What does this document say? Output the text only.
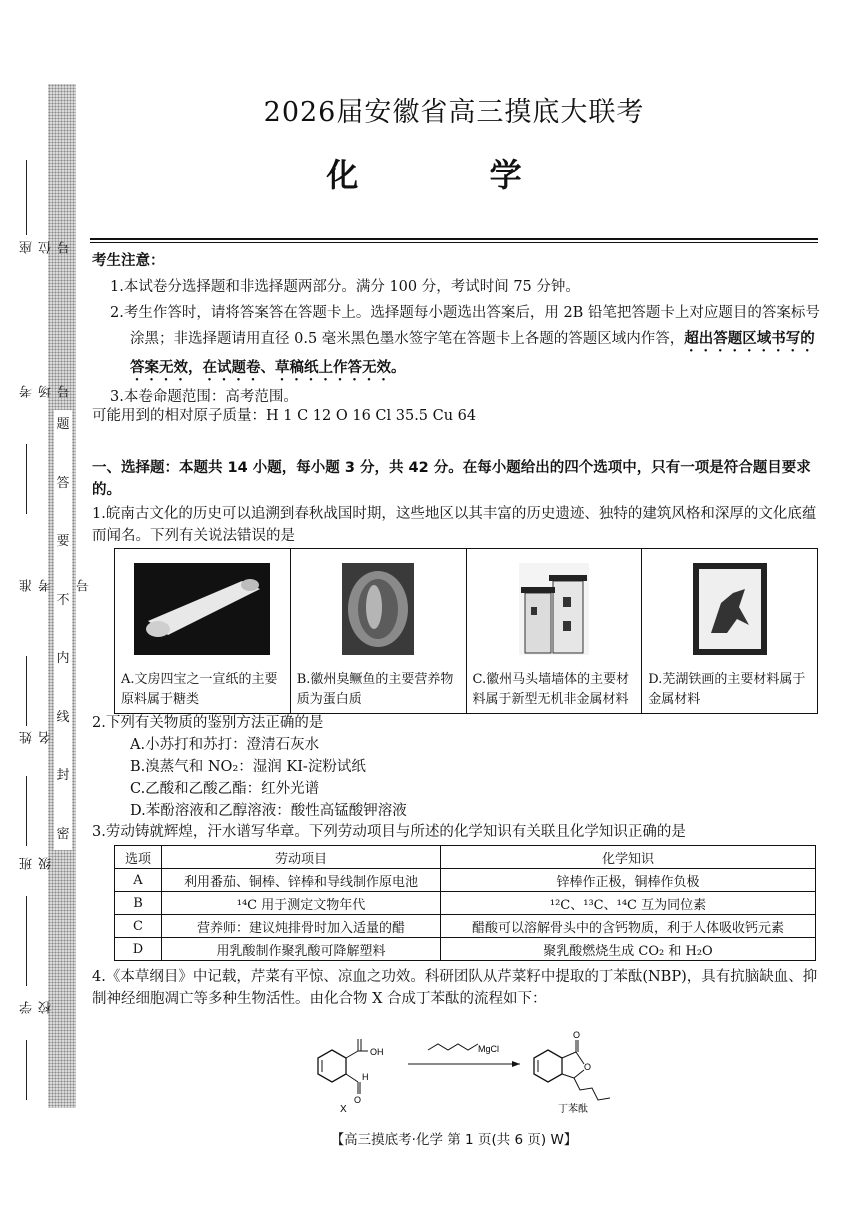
座位号
考场号
准考 号
姓名
班级
学校
题
答
要
不
内
线
封
密
2026届安徽省高三摸底大联考
化 学
考生注意：
1.本试卷分选择题和非选择题两部分。满分 100 分，考试时间 75 分钟。
2.考生作答时，请将答案答在答题卡上。选择题每小题选出答案后，用 2B 铅笔把答题卡上对应题目的答案标号涂黑；非选择题请用直径 0.5 毫米黑色墨水签字笔在答题卡上各题的答题区域内作答，超出答题区域书写的答案无效，在试题卷、草稿纸上作答无效。
3.本卷命题范围：高考范围。
可能用到的相对原子质量：H 1 C 12 O 16 Cl 35.5 Cu 64
一、选择题：本题共 14 小题，每小题 3 分，共 42 分。在每小题给出的四个选项中，只有一项是符合题目要求的。
1.皖南古文化的历史可以追溯到春秋战国时期，这些地区以其丰富的历史遗迹、独特的建筑风格和深厚的文化底蕴而闻名。下列有关说法错误的是
A.文房四宝之一宣纸的主要原料属于糖类
B.徽州臭鳜鱼的主要营养物质为蛋白质
C.徽州马头墙墙体的主要材料属于新型无机非金属材料
D.芜湖铁画的主要材料属于金属材料
2.下列有关物质的鉴别方法正确的是
A.小苏打和苏打：澄清石灰水
B.溴蒸气和 NO₂：湿润 KI-淀粉试纸
C.乙酸和乙酸乙酯：红外光谱
D.苯酚溶液和乙醇溶液：酸性高锰酸钾溶液
3.劳动铸就辉煌，汗水谱写华章。下列劳动项目与所述的化学知识有关联且化学知识正确的是
选项	劳动项目	化学知识
A	利用番茄、铜棒、锌棒和导线制作原电池	锌棒作正极，铜棒作负极
B	¹⁴C 用于测定文物年代	¹²C、¹³C、¹⁴C 互为同位素
C	营养师：建议炖排骨时加入适量的醋	醋酸可以溶解骨头中的含钙物质，利于人体吸收钙元素
D	用乳酸制作聚乳酸可降解塑料	聚乳酸燃烧生成 CO₂ 和 H₂O
4.《本草纲目》中记载，芹菜有平惊、凉血之功效。科研团队从芹菜籽中提取的丁苯酞(NBP)，具有抗脑缺血、抑制神经细胞凋亡等多种生物活性。由化合物 X 合成丁苯酞的流程如下：
OH
H
O
X
MgCl
O
O
丁苯酞
【高三摸底考·化学 第 1 页(共 6 页) W】
